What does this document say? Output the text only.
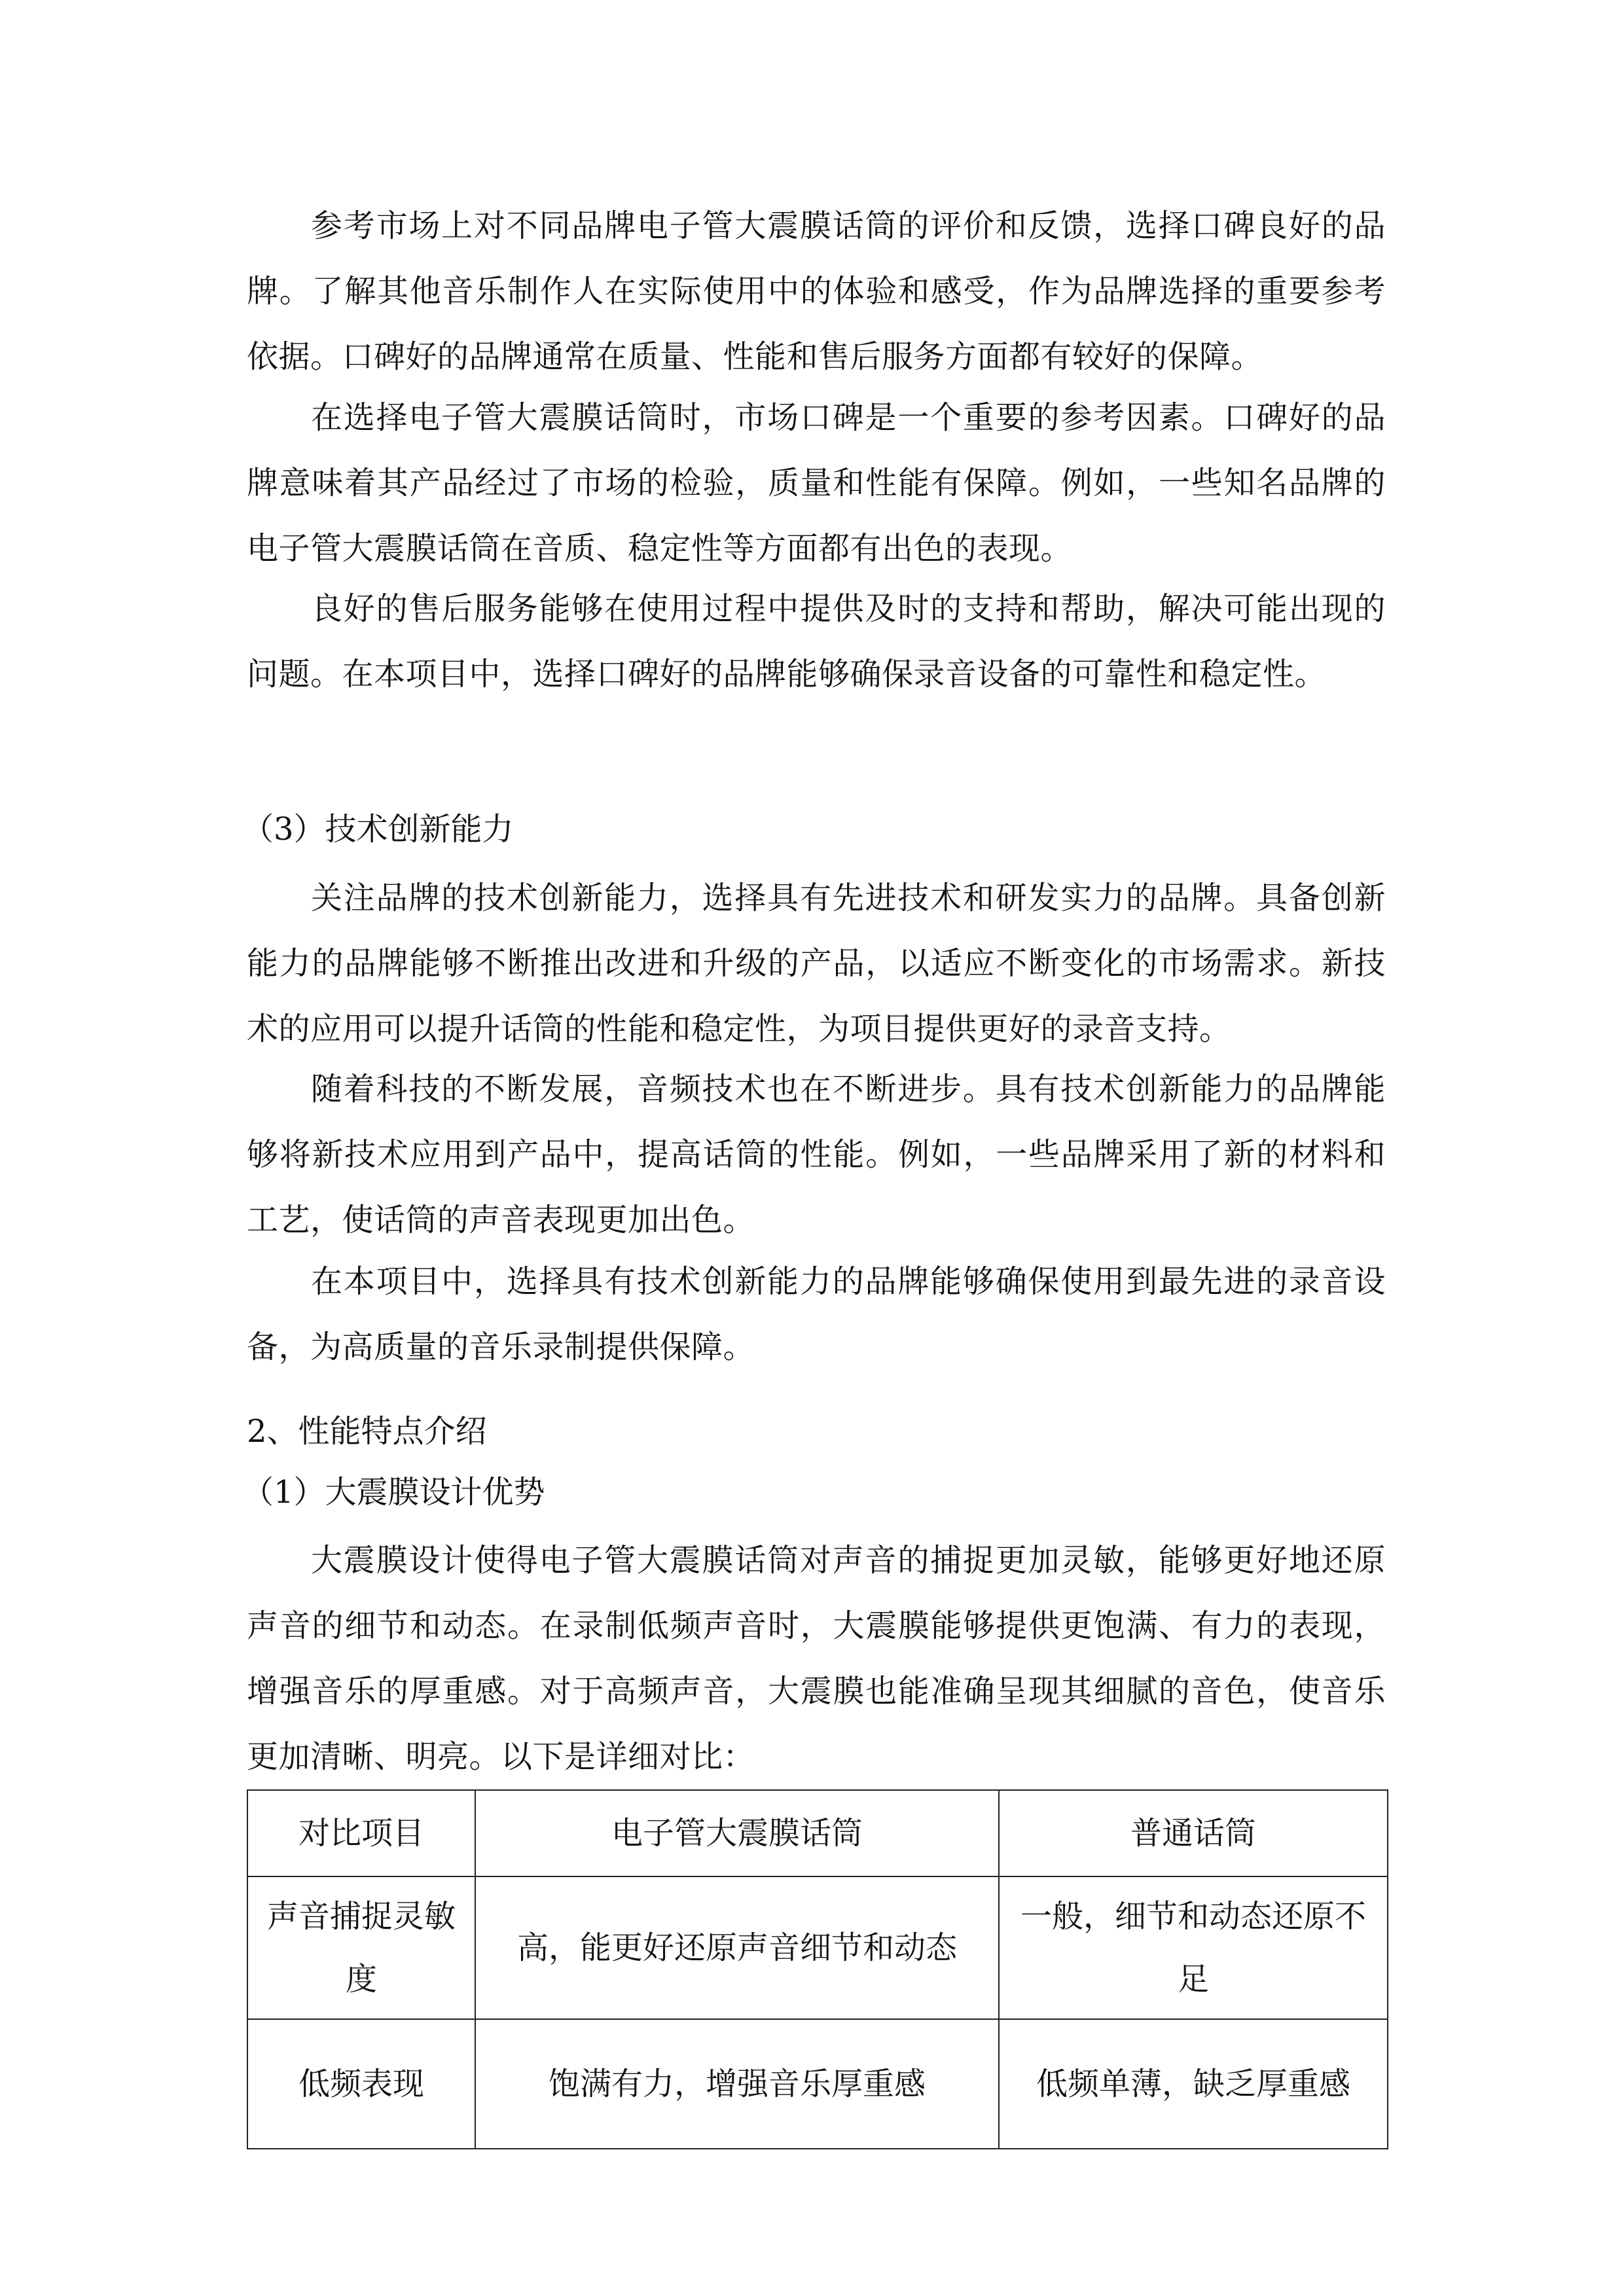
参考市场上对不同品牌电子管大震膜话筒的评价和反馈，选择口碑良好的品牌。了解其他音乐制作人在实际使用中的体验和感受，作为品牌选择的重要参考依据。口碑好的品牌通常在质量、性能和售后服务方面都有较好的保障。

在选择电子管大震膜话筒时，市场口碑是一个重要的参考因素。口碑好的品牌意味着其产品经过了市场的检验，质量和性能有保障。例如，一些知名品牌的电子管大震膜话筒在音质、稳定性等方面都有出色的表现。

良好的售后服务能够在使用过程中提供及时的支持和帮助，解决可能出现的问题。在本项目中，选择口碑好的品牌能够确保录音设备的可靠性和稳定性。

（3）技术创新能力

关注品牌的技术创新能力，选择具有先进技术和研发实力的品牌。具备创新能力的品牌能够不断推出改进和升级的产品，以适应不断变化的市场需求。新技术的应用可以提升话筒的性能和稳定性，为项目提供更好的录音支持。

随着科技的不断发展，音频技术也在不断进步。具有技术创新能力的品牌能够将新技术应用到产品中，提高话筒的性能。例如，一些品牌采用了新的材料和工艺，使话筒的声音表现更加出色。

在本项目中，选择具有技术创新能力的品牌能够确保使用到最先进的录音设备，为高质量的音乐录制提供保障。

2、性能特点介绍
（1）大震膜设计优势

大震膜设计使得电子管大震膜话筒对声音的捕捉更加灵敏，能够更好地还原声音的细节和动态。在录制低频声音时，大震膜能够提供更饱满、有力的表现，增强音乐的厚重感。对于高频声音，大震膜也能准确呈现其细腻的音色，使音乐更加清晰、明亮。以下是详细对比：

对比项目	电子管大震膜话筒	普通话筒
声音捕捉灵敏度	高，能更好还原声音细节和动态	一般，细节和动态还原不足
低频表现	饱满有力，增强音乐厚重感	低频单薄，缺乏厚重感
